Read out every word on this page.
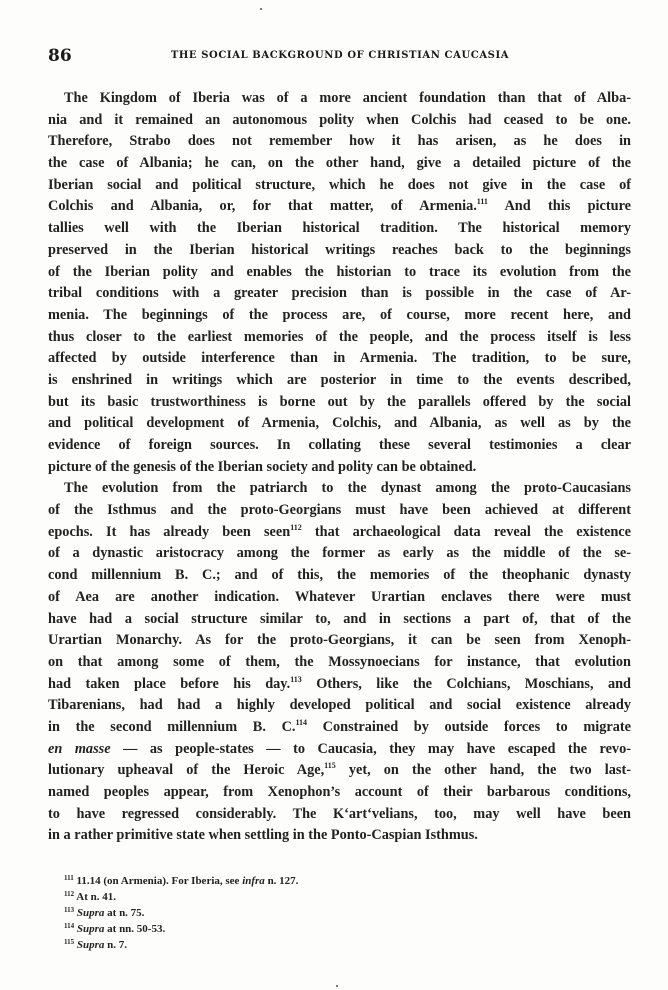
86	THE SOCIAL BACKGROUND OF CHRISTIAN CAUCASIA
The Kingdom of Iberia was of a more ancient foundation than that of Alba-
nia and it remained an autonomous polity when Colchis had ceased to be one.
Therefore, Strabo does not remember how it has arisen, as he does in
the case of Albania; he can, on the other hand, give a detailed picture of the
Iberian social and political structure, which he does not give in the case of
Colchis and Albania, or, for that matter, of Armenia.$^{111}$ And this picture
tallies well with the Iberian historical tradition. The historical memory
preserved in the Iberian historical writings reaches back to the beginnings
of the Iberian polity and enables the historian to trace its evolution from the
tribal conditions with a greater precision than is possible in the case of Ar-
menia. The beginnings of the process are, of course, more recent here, and
thus closer to the earliest memories of the people, and the process itself is less
affected by outside interference than in Armenia. The tradition, to be sure,
is enshrined in writings which are posterior in time to the events described,
but its basic trustworthiness is borne out by the parallels offered by the social
and political development of Armenia, Colchis, and Albania, as well as by the
evidence of foreign sources. In collating these several testimonies a clear
picture of the genesis of the Iberian society and polity can be obtained.
The evolution from the patriarch to the dynast among the proto-Caucasians
of the Isthmus and the proto-Georgians must have been achieved at different
epochs. It has already been seen$^{112}$ that archaeological data reveal the existence
of a dynastic aristocracy among the former as early as the middle of the se-
cond millennium B. C.; and of this, the memories of the theophanic dynasty
of Aea are another indication. Whatever Urartian enclaves there were must
have had a social structure similar to, and in sections a part of, that of the
Urartian Monarchy. As for the proto-Georgians, it can be seen from Xenoph-
on that among some of them, the Mossynoecians for instance, that evolution
had taken place before his day.$^{113}$ Others, like the Colchians, Moschians, and
Tibarenians, had had a highly developed political and social existence already
in the second millennium B. C.$^{114}$ Constrained by outside forces to migrate
en masse — as people-states — to Caucasia, they may have escaped the revo-
lutionary upheaval of the Heroic Age,$^{115}$ yet, on the other hand, the two last-
named peoples appear, from Xenophon’s account of their barbarous conditions,
to have regressed considerably. The K‘art‘velians, too, may well have been
in a rather primitive state when settling in the Ponto-Caspian Isthmus.
$^{111}$ 11.14 (on Armenia). For Iberia, see infra n. 127.
$^{112}$ At n. 41.
$^{113}$ Supra at n. 75.
$^{114}$ Supra at nn. 50-53.
$^{115}$ Supra n. 7.
